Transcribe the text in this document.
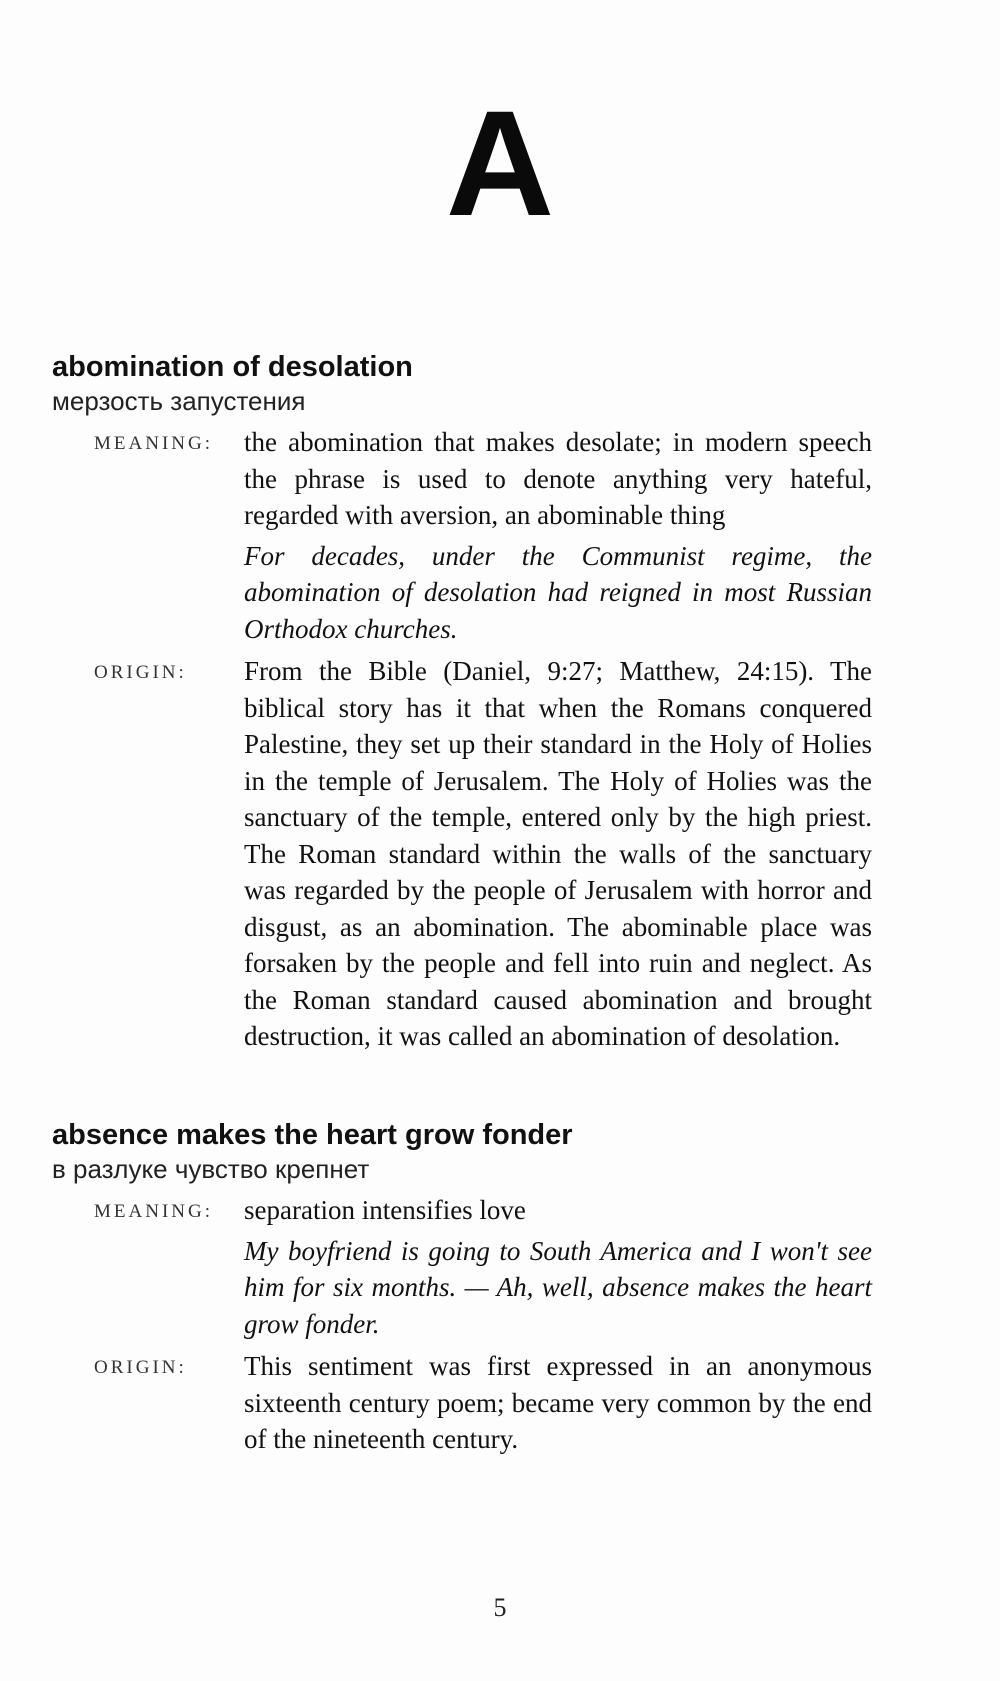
A
abomination of desolation
мерзость запустения
MEANING:	the abomination that makes desolate; in modern speech the phrase is used to denote anything very hateful, regarded with aversion, an abominable thing
For decades, under the Communist regime, the abomination of desolation had reigned in most Russian Orthodox churches.
ORIGIN:	From the Bible (Daniel, 9:27; Matthew, 24:15). The biblical story has it that when the Romans conquered Palestine, they set up their standard in the Holy of Holies in the temple of Jerusalem. The Holy of Holies was the sanctuary of the temple, entered only by the high priest. The Roman standard within the walls of the sanctuary was regarded by the people of Jerusalem with horror and disgust, as an abomination. The abominable place was forsaken by the people and fell into ruin and neglect. As the Roman standard caused abomination and brought destruction, it was called an abomination of desolation.
absence makes the heart grow fonder
в разлуке чувство крепнет
MEANING:	separation intensifies love
My boyfriend is going to South America and I won't see him for six months. — Ah, well, absence makes the heart grow fonder.
ORIGIN:	This sentiment was first expressed in an anonymous sixteenth century poem; became very common by the end of the nineteenth century.
5
